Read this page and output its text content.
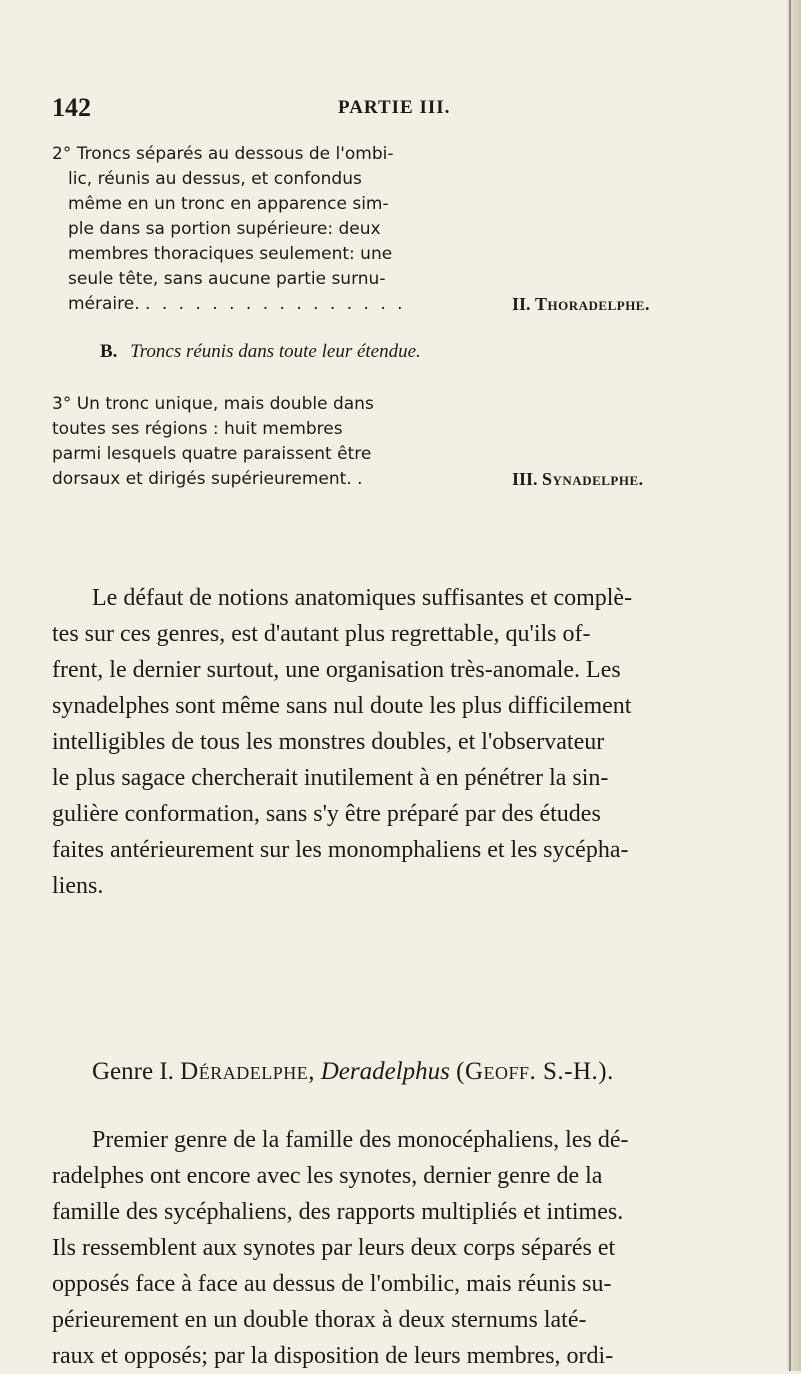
142	PARTIE III.
2° Troncs séparés au dessous de l'ombi-
lic, réunis au dessus, et confondus
même en un tronc en apparence sim-
ple dans sa portion supérieure: deux
membres thoraciques seulement: une
seule tête, sans aucune partie surnu-
méraire. . . . . . . . . . . . . . . . .	II. Thoradelphe.
B. Troncs réunis dans toute leur étendue.
3° Un tronc unique, mais double dans
toutes ses régions : huit membres
parmi lesquels quatre paraissent être
dorsaux et dirigés supérieurement. .	III. Synadelphe.
Le défaut de notions anatomiques suffisantes et complè-
tes sur ces genres, est d'autant plus regrettable, qu'ils of-
frent, le dernier surtout, une organisation très-anomale. Les
synadelphes sont même sans nul doute les plus difficilement
intelligibles de tous les monstres doubles, et l'observateur
le plus sagace chercherait inutilement à en pénétrer la sin-
gulière conformation, sans s'y être préparé par des études
faites antérieurement sur les monomphaliens et les sycépha-
liens.
Genre I. Déradelphe, Deradelphus (Geoff. S.-H.).
Premier genre de la famille des monocéphaliens, les dé-
radelphes ont encore avec les synotes, dernier genre de la
famille des sycéphaliens, des rapports multipliés et intimes.
Ils ressemblent aux synotes par leurs deux corps séparés et
opposés face à face au dessus de l'ombilic, mais réunis su-
périeurement en un double thorax à deux sternums laté-
raux et opposés; par la disposition de leurs membres, ordi-
